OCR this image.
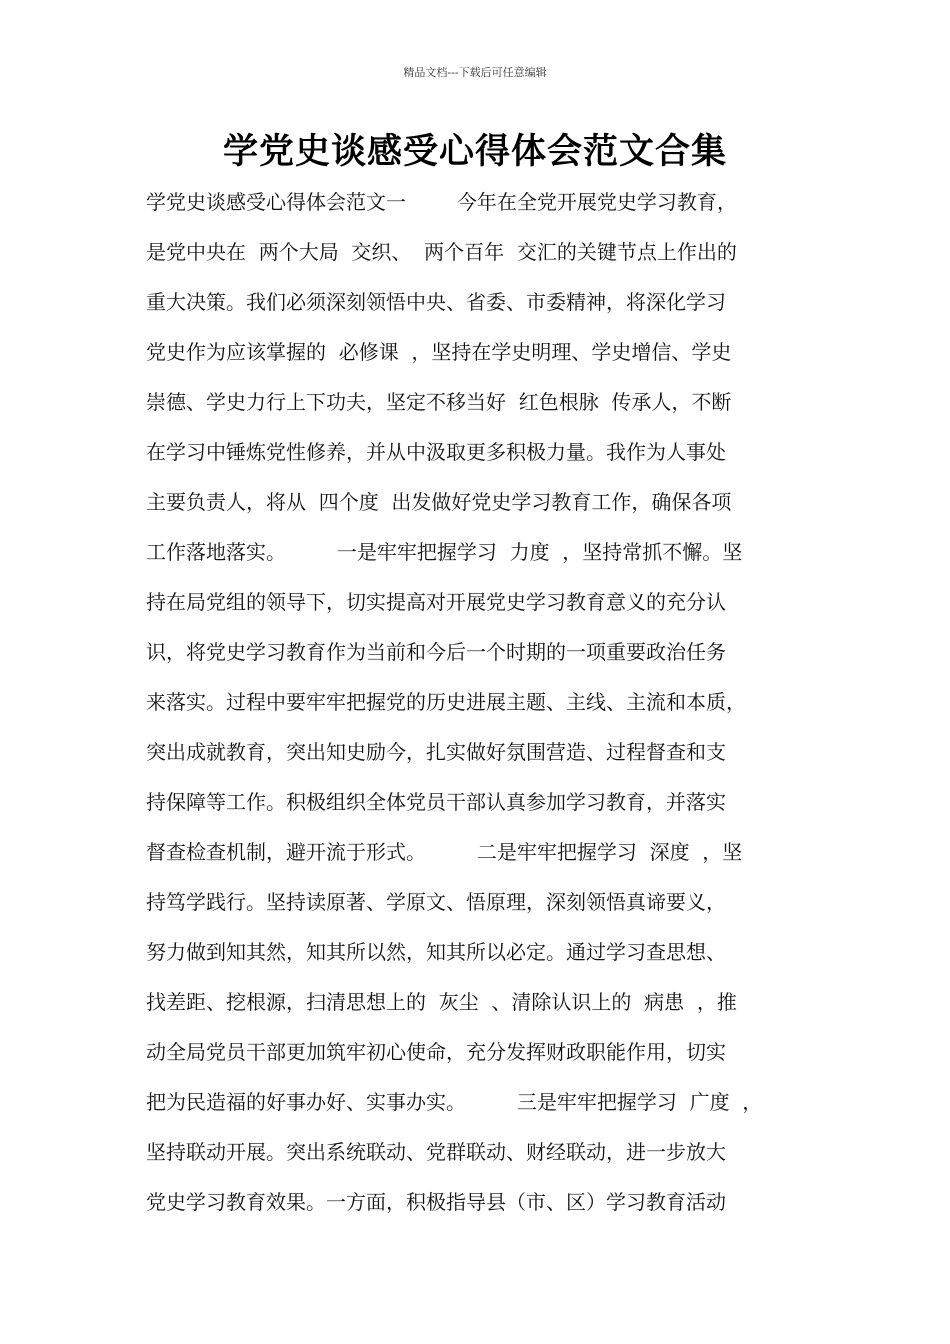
精品文档---下载后可任意编辑
学党史谈感受心得体会范文合集
学党史谈感受心得体会范文一        今年在全党开展党史学习教育，
是党中央在  两个大局  交织、  两个百年  交汇的关键节点上作出的
重大决策。我们必须深刻领悟中央、省委、市委精神，将深化学习
党史作为应该掌握的  必修课  ，坚持在学史明理、学史增信、学史
崇德、学史力行上下功夫，坚定不移当好  红色根脉  传承人，不断
在学习中锤炼党性修养，并从中汲取更多积极力量。我作为人事处
主要负责人，将从  四个度  出发做好党史学习教育工作，确保各项
工作落地落实。        一是牢牢把握学习  力度  ，坚持常抓不懈。坚
持在局党组的领导下，切实提高对开展党史学习教育意义的充分认
识，将党史学习教育作为当前和今后一个时期的一项重要政治任务
来落实。过程中要牢牢把握党的历史进展主题、主线、主流和本质，
突出成就教育，突出知史励今，扎实做好氛围营造、过程督查和支
持保障等工作。积极组织全体党员干部认真参加学习教育，并落实
督查检查机制，避开流于形式。        二是牢牢把握学习  深度  ，坚
持笃学践行。坚持读原著、学原文、悟原理，深刻领悟真谛要义，
努力做到知其然，知其所以然，知其所以必定。通过学习查思想、
找差距、挖根源，扫清思想上的  灰尘  、清除认识上的  病患  ，推
动全局党员干部更加筑牢初心使命，充分发挥财政职能作用，切实
把为民造福的好事办好、实事办实。        三是牢牢把握学习  广度  ，
坚持联动开展。突出系统联动、党群联动、财经联动，进一步放大
党史学习教育效果。一方面，积极指导县（市、区）学习教育活动
